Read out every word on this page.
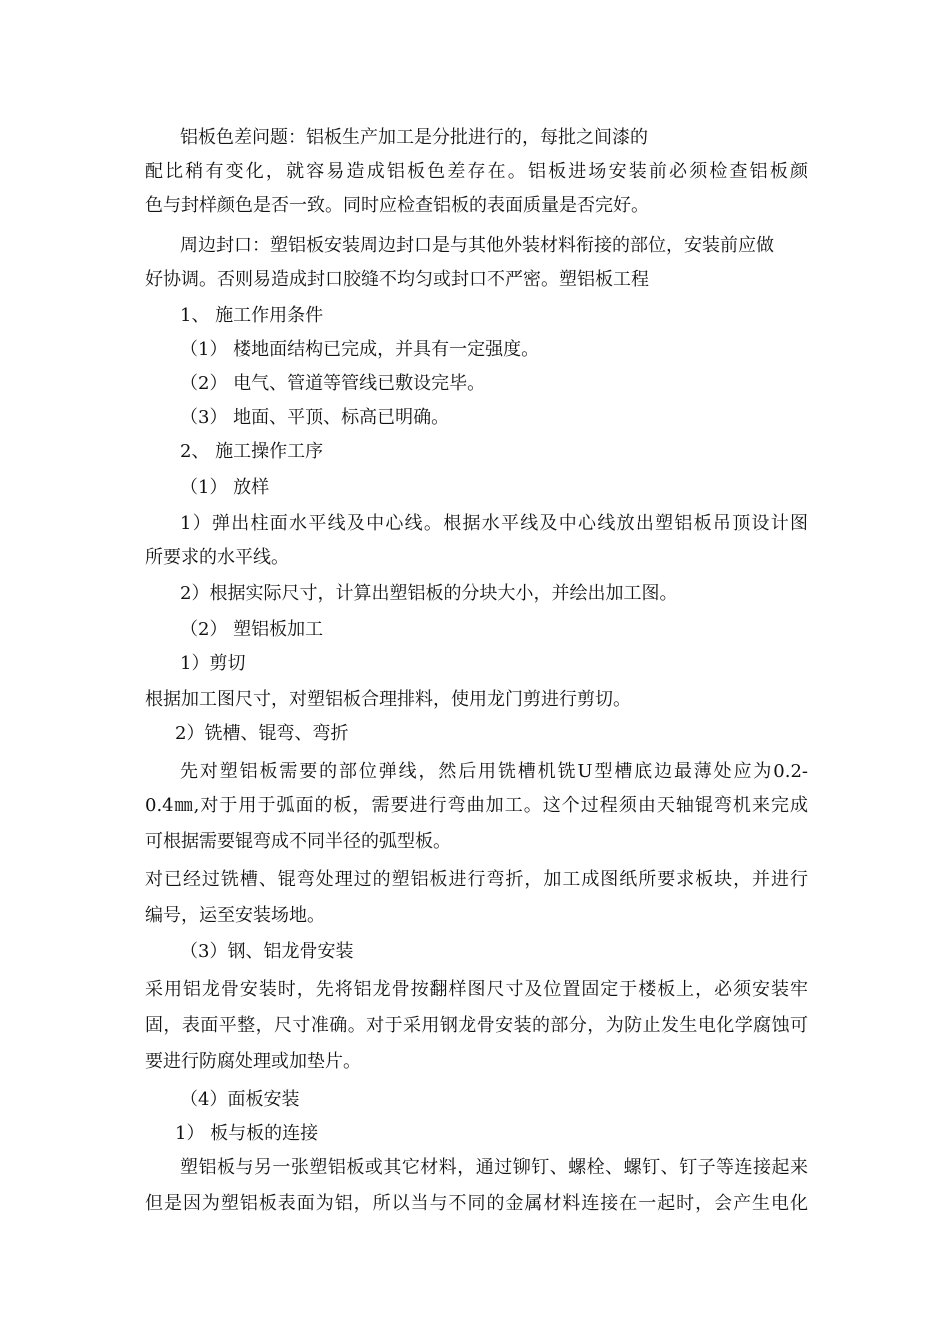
铝板色差问题：铝板生产加工是分批进行的，每批之间漆的
配比稍有变化，就容易造成铝板色差存在。铝板进场安装前必须检查铝板颜
色与封样颜色是否一致。同时应检查铝板的表面质量是否完好。
周边封口：塑铝板安装周边封口是与其他外装材料衔接的部位，安装前应做
好协调。否则易造成封口胶缝不均匀或封口不严密。塑铝板工程
1、 施工作用条件
（1） 楼地面结构已完成，并具有一定强度。
（2） 电气、管道等管线已敷设完毕。
（3） 地面、平顶、标高已明确。
2、 施工操作工序
（1） 放样
1）弹出柱面水平线及中心线。根据水平线及中心线放出塑铝板吊顶设计图
所要求的水平线。
2）根据实际尺寸，计算出塑铝板的分块大小，并绘出加工图。
（2） 塑铝板加工
1）剪切
根据加工图尺寸，对塑铝板合理排料，使用龙门剪进行剪切。
2）铣槽、锟弯、弯折
先对塑铝板需要的部位弹线，然后用铣槽机铣U型槽底边最薄处应为0.2-
0.4㎜,对于用于弧面的板，需要进行弯曲加工。这个过程须由天轴锟弯机来完成
可根据需要锟弯成不同半径的弧型板。
对已经过铣槽、锟弯处理过的塑铝板进行弯折，加工成图纸所要求板块，并进行
编号，运至安装场地。
（3）钢、铝龙骨安装
采用铝龙骨安装时，先将铝龙骨按翻样图尺寸及位置固定于楼板上，必须安装牢
固，表面平整，尺寸准确。对于采用钢龙骨安装的部分，为防止发生电化学腐蚀可
要进行防腐处理或加垫片。
（4）面板安装
1） 板与板的连接
塑铝板与另一张塑铝板或其它材料，通过铆钉、螺栓、螺钉、钉子等连接起来
但是因为塑铝板表面为铝，所以当与不同的金属材料连接在一起时，会产生电化
